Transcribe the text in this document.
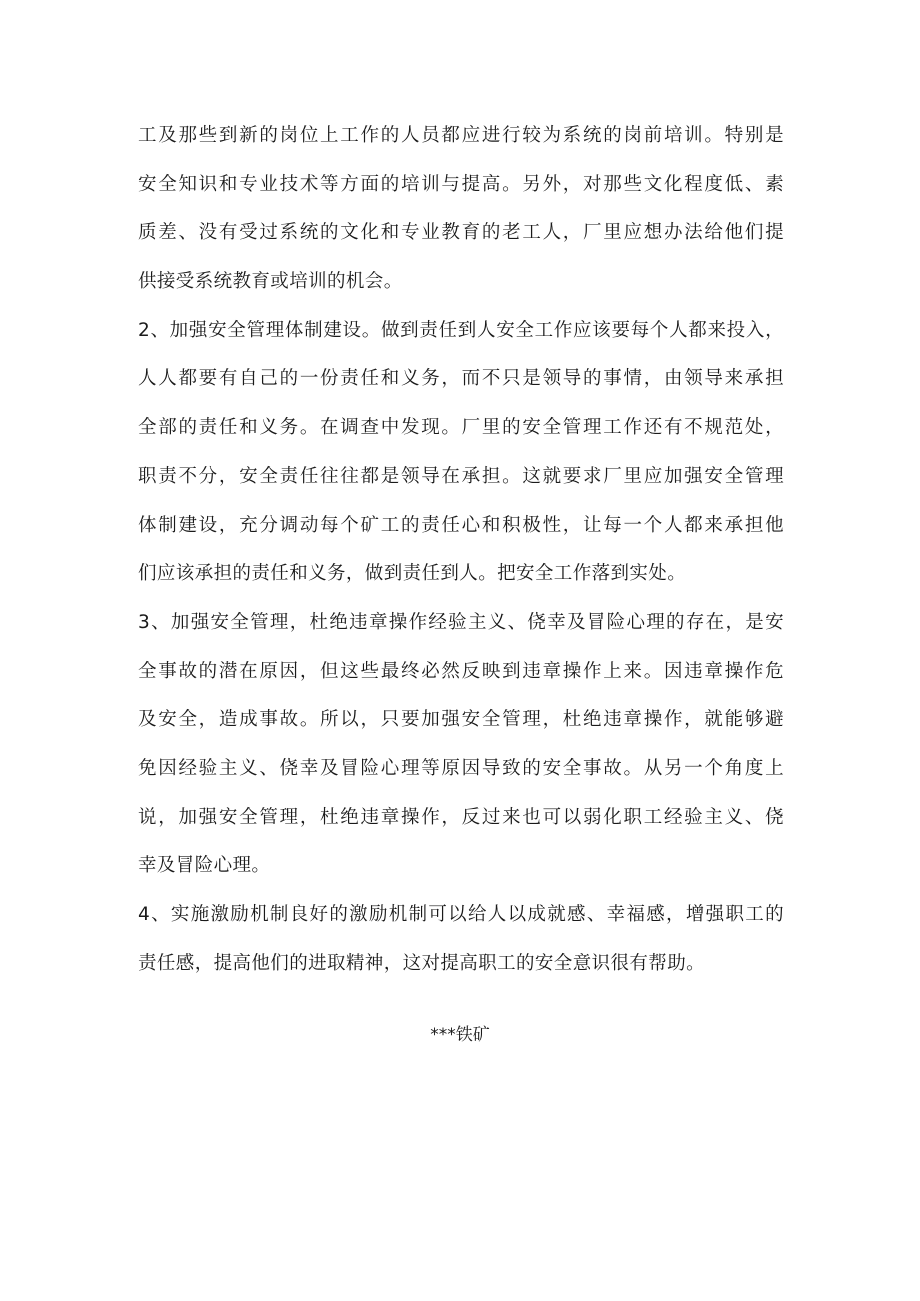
工及那些到新的岗位上工作的人员都应进行较为系统的岗前培训。特别是
安全知识和专业技术等方面的培训与提高。另外，对那些文化程度低、素
质差、没有受过系统的文化和专业教育的老工人，厂里应想办法给他们提
供接受系统教育或培训的机会。
2、加强安全管理体制建设。做到责任到人安全工作应该要每个人都来投入，
人人都要有自己的一份责任和义务，而不只是领导的事情，由领导来承担
全部的责任和义务。在调查中发现。厂里的安全管理工作还有不规范处，
职责不分，安全责任往往都是领导在承担。这就要求厂里应加强安全管理
体制建设，充分调动每个矿工的责任心和积极性，让每一个人都来承担他
们应该承担的责任和义务，做到责任到人。把安全工作落到实处。
3、加强安全管理，杜绝违章操作经验主义、侥幸及冒险心理的存在，是安
全事故的潜在原因，但这些最终必然反映到违章操作上来。因违章操作危
及安全，造成事故。所以，只要加强安全管理，杜绝违章操作，就能够避
免因经验主义、侥幸及冒险心理等原因导致的安全事故。从另一个角度上
说，加强安全管理，杜绝违章操作，反过来也可以弱化职工经验主义、侥
幸及冒险心理。
4、实施激励机制良好的激励机制可以给人以成就感、幸福感，增强职工的
责任感，提高他们的进取精神，这对提高职工的安全意识很有帮助。
***铁矿
